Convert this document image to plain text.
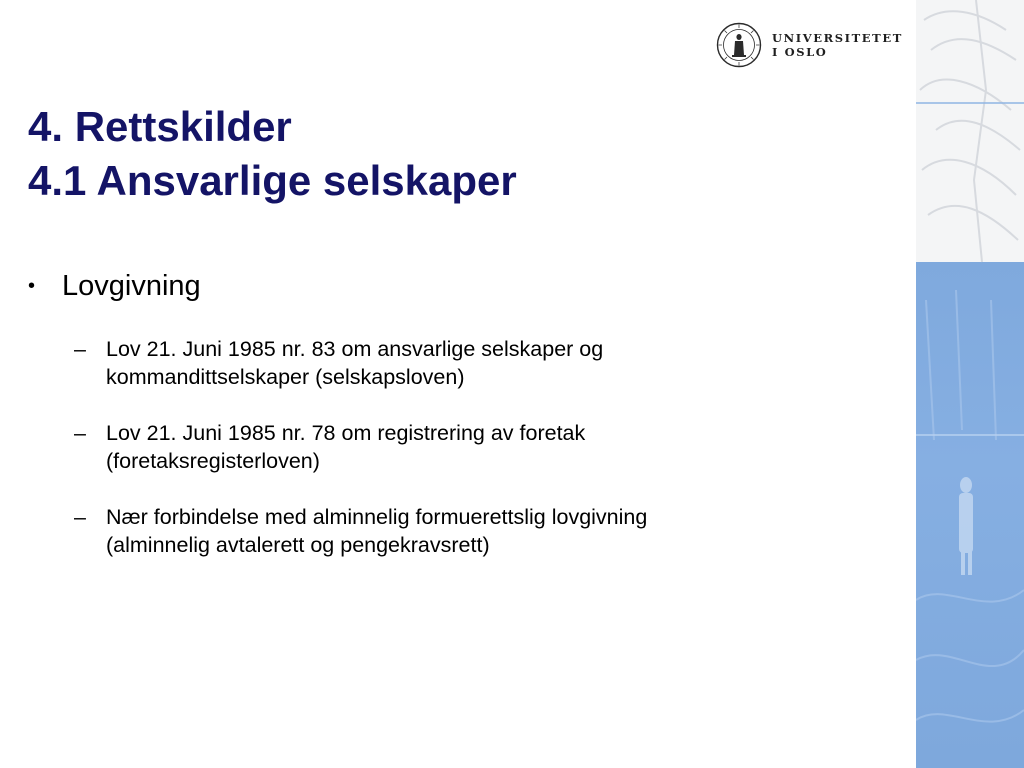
UNIVERSITETET
I OSLO
4. Rettskilder
4.1 Ansvarlige selskaper
• Lovgivning
– Lov 21. Juni 1985 nr. 83 om ansvarlige selskaper og
kommandittselskaper (selskapsloven)
– Lov 21. Juni 1985 nr. 78 om registrering av foretak
(foretaksregisterloven)
– Nær forbindelse med alminnelig formuerettslig lovgivning
(alminnelig avtalerett og pengekravsrett)
